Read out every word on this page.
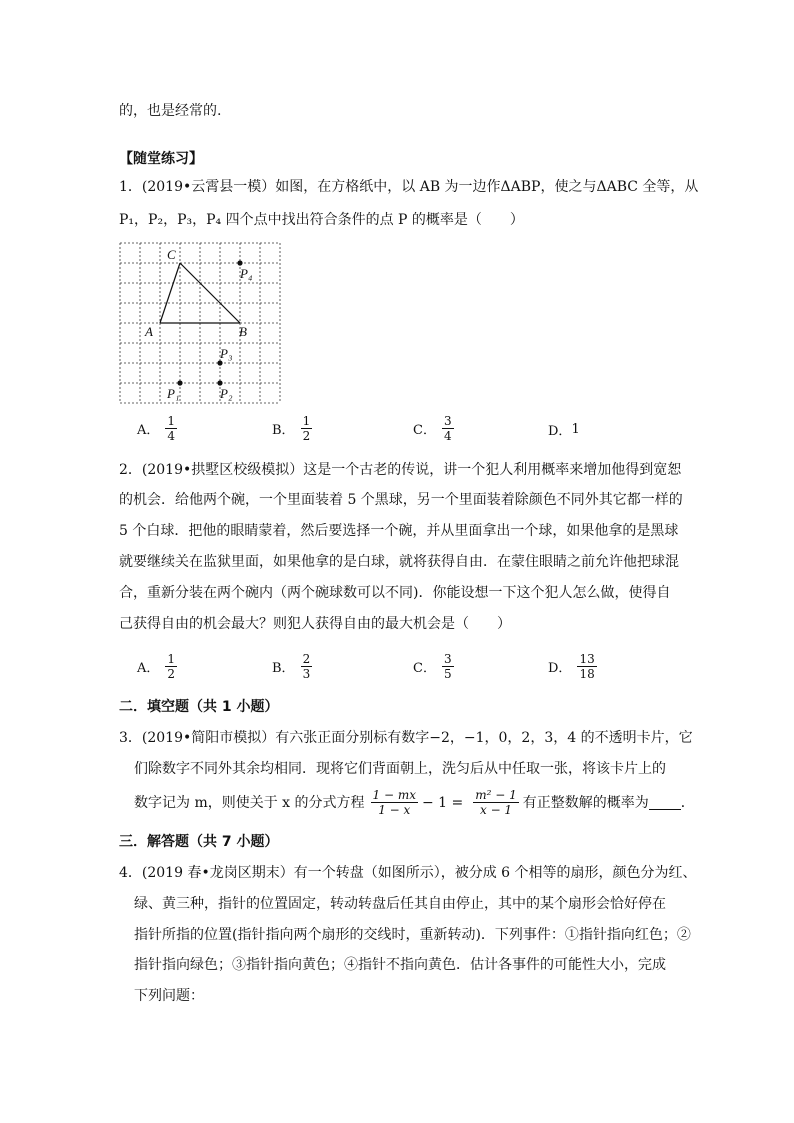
的，也是经常的.
【随堂练习】
1．(2019•云霄县一模）如图，在方格纸中，以 AB 为一边作ΔABP，使之与ΔABC 全等，从
P₁，P₂，P₃，P₄ 四个点中找出符合条件的点 P 的概率是（　　）
C
A	B
P₄
P₃
P₁	P₂
A． $\frac{1}{4}$	B． $\frac{1}{2}$	C． $\frac{3}{4}$	D． 1
2．(2019•拱墅区校级模拟）这是一个古老的传说，讲一个犯人利用概率来增加他得到宽恕
的机会．给他两个碗，一个里面装着 5 个黑球，另一个里面装着除颜色不同外其它都一样的
5 个白球．把他的眼睛蒙着，然后要选择一个碗，并从里面拿出一个球，如果他拿的是黑球
就要继续关在监狱里面，如果他拿的是白球，就将获得自由．在蒙住眼睛之前允许他把球混
合，重新分装在两个碗内（两个碗球数可以不同)．你能设想一下这个犯人怎么做，使得自
己获得自由的机会最大？则犯人获得自由的最大机会是（　　）
A． $\frac{1}{2}$	B． $\frac{2}{3}$	C． $\frac{3}{5}$	D． $\frac{13}{18}$
二．填空题（共 1 小题）
3．(2019•简阳市模拟）有六张正面分别标有数字−2，−1，0，2，3，4 的不透明卡片，它
们除数字不同外其余均相同．现将它们背面朝上，洗匀后从中任取一张，将该卡片上的
数字记为 m，则使关于 x 的分式方程 $\frac{1 - mx}{1 - x} - 1 = \frac{\text{m² − 1}}{x - 1}$ 有正整数解的概率为 ．
三．解答题（共 7 小题）
4．(2019 春•龙岗区期末）有一个转盘（如图所示），被分成 6 个相等的扇形，颜色分为红、
绿、黄三种，指针的位置固定，转动转盘后任其自由停止，其中的某个扇形会恰好停在
指针所指的位置(指针指向两个扇形的交线时，重新转动)．下列事件：①指针指向红色；②
指针指向绿色；③指针指向黄色；④指针不指向黄色．估计各事件的可能性大小，完成
下列问题：
